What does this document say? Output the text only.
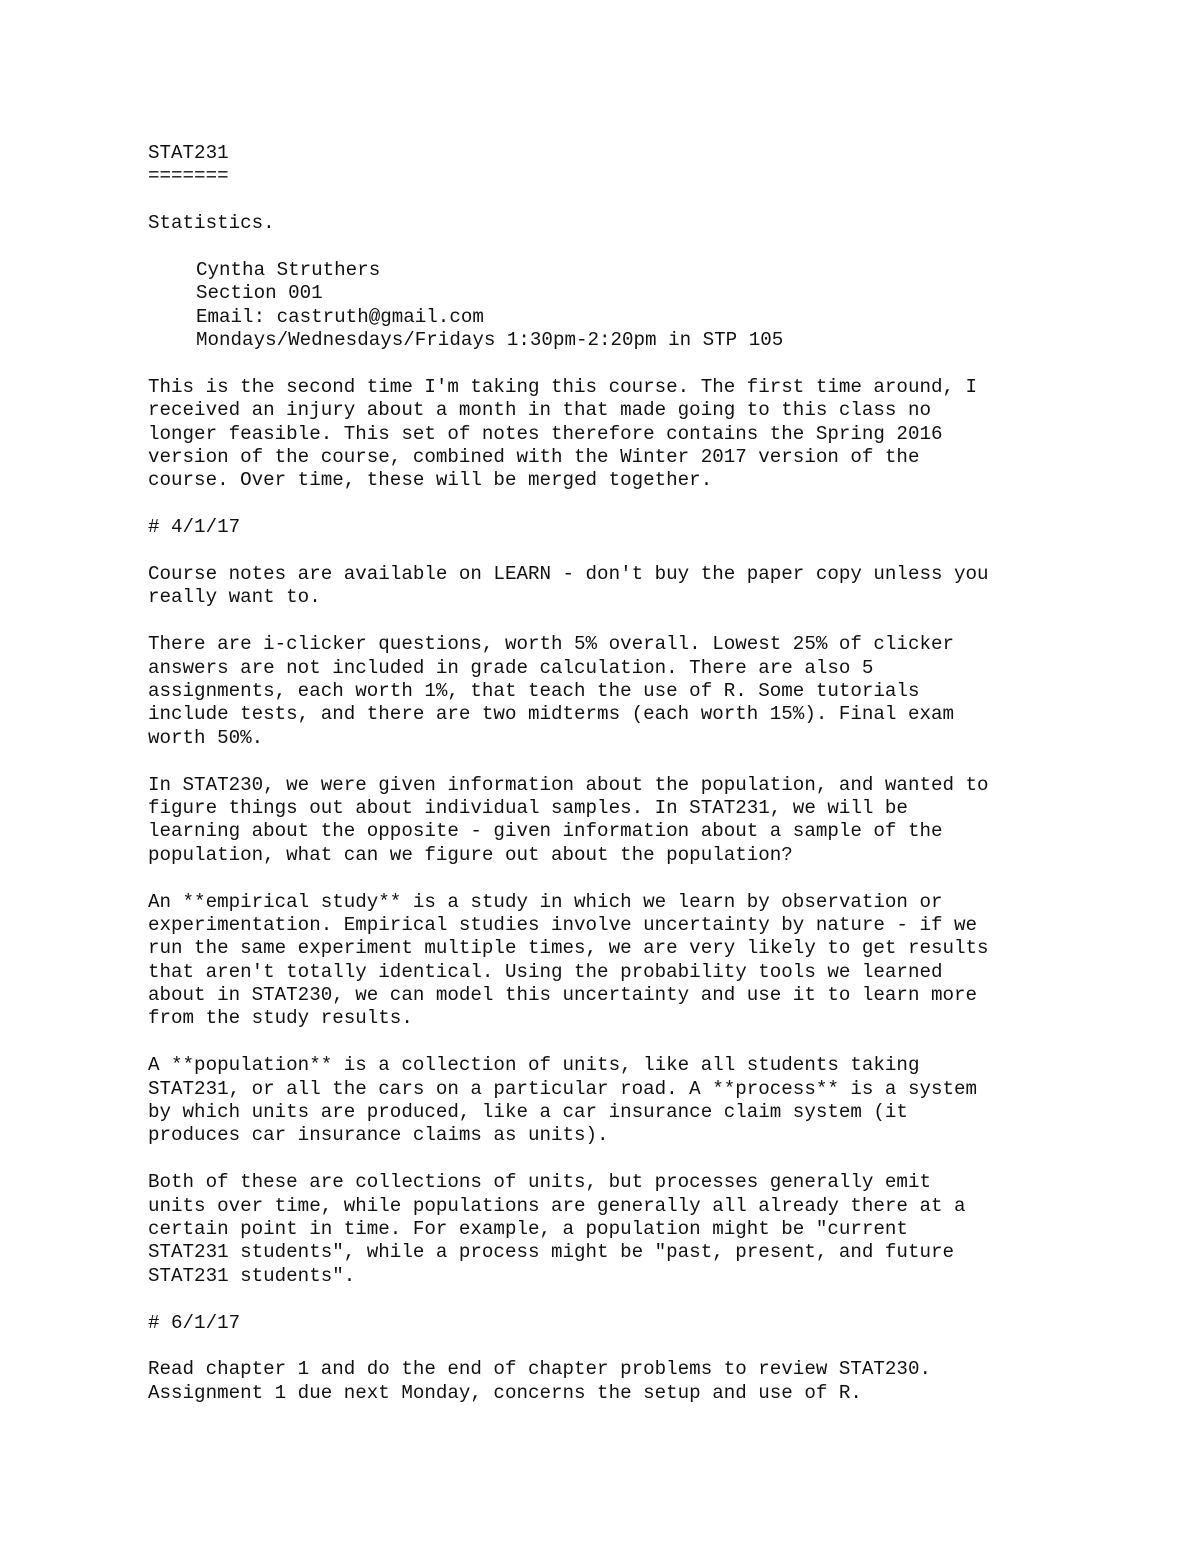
STAT231
=======
Statistics.
Cyntha Struthers
Section 001
Email: castruth@gmail.com
Mondays/Wednesdays/Fridays 1:30pm-2:20pm in STP 105
This is the second time I'm taking this course. The first time around, I
received an injury about a month in that made going to this class no
longer feasible. This set of notes therefore contains the Spring 2016
version of the course, combined with the Winter 2017 version of the
course. Over time, these will be merged together.
# 4/1/17
Course notes are available on LEARN - don't buy the paper copy unless you
really want to.
There are i-clicker questions, worth 5% overall. Lowest 25% of clicker
answers are not included in grade calculation. There are also 5
assignments, each worth 1%, that teach the use of R. Some tutorials
include tests, and there are two midterms (each worth 15%). Final exam
worth 50%.
In STAT230, we were given information about the population, and wanted to
figure things out about individual samples. In STAT231, we will be
learning about the opposite - given information about a sample of the
population, what can we figure out about the population?
An **empirical study** is a study in which we learn by observation or
experimentation. Empirical studies involve uncertainty by nature - if we
run the same experiment multiple times, we are very likely to get results
that aren't totally identical. Using the probability tools we learned
about in STAT230, we can model this uncertainty and use it to learn more
from the study results.
A **population** is a collection of units, like all students taking
STAT231, or all the cars on a particular road. A **process** is a system
by which units are produced, like a car insurance claim system (it
produces car insurance claims as units).
Both of these are collections of units, but processes generally emit
units over time, while populations are generally all already there at a
certain point in time. For example, a population might be "current
STAT231 students", while a process might be "past, present, and future
STAT231 students".
# 6/1/17
Read chapter 1 and do the end of chapter problems to review STAT230.
Assignment 1 due next Monday, concerns the setup and use of R.
